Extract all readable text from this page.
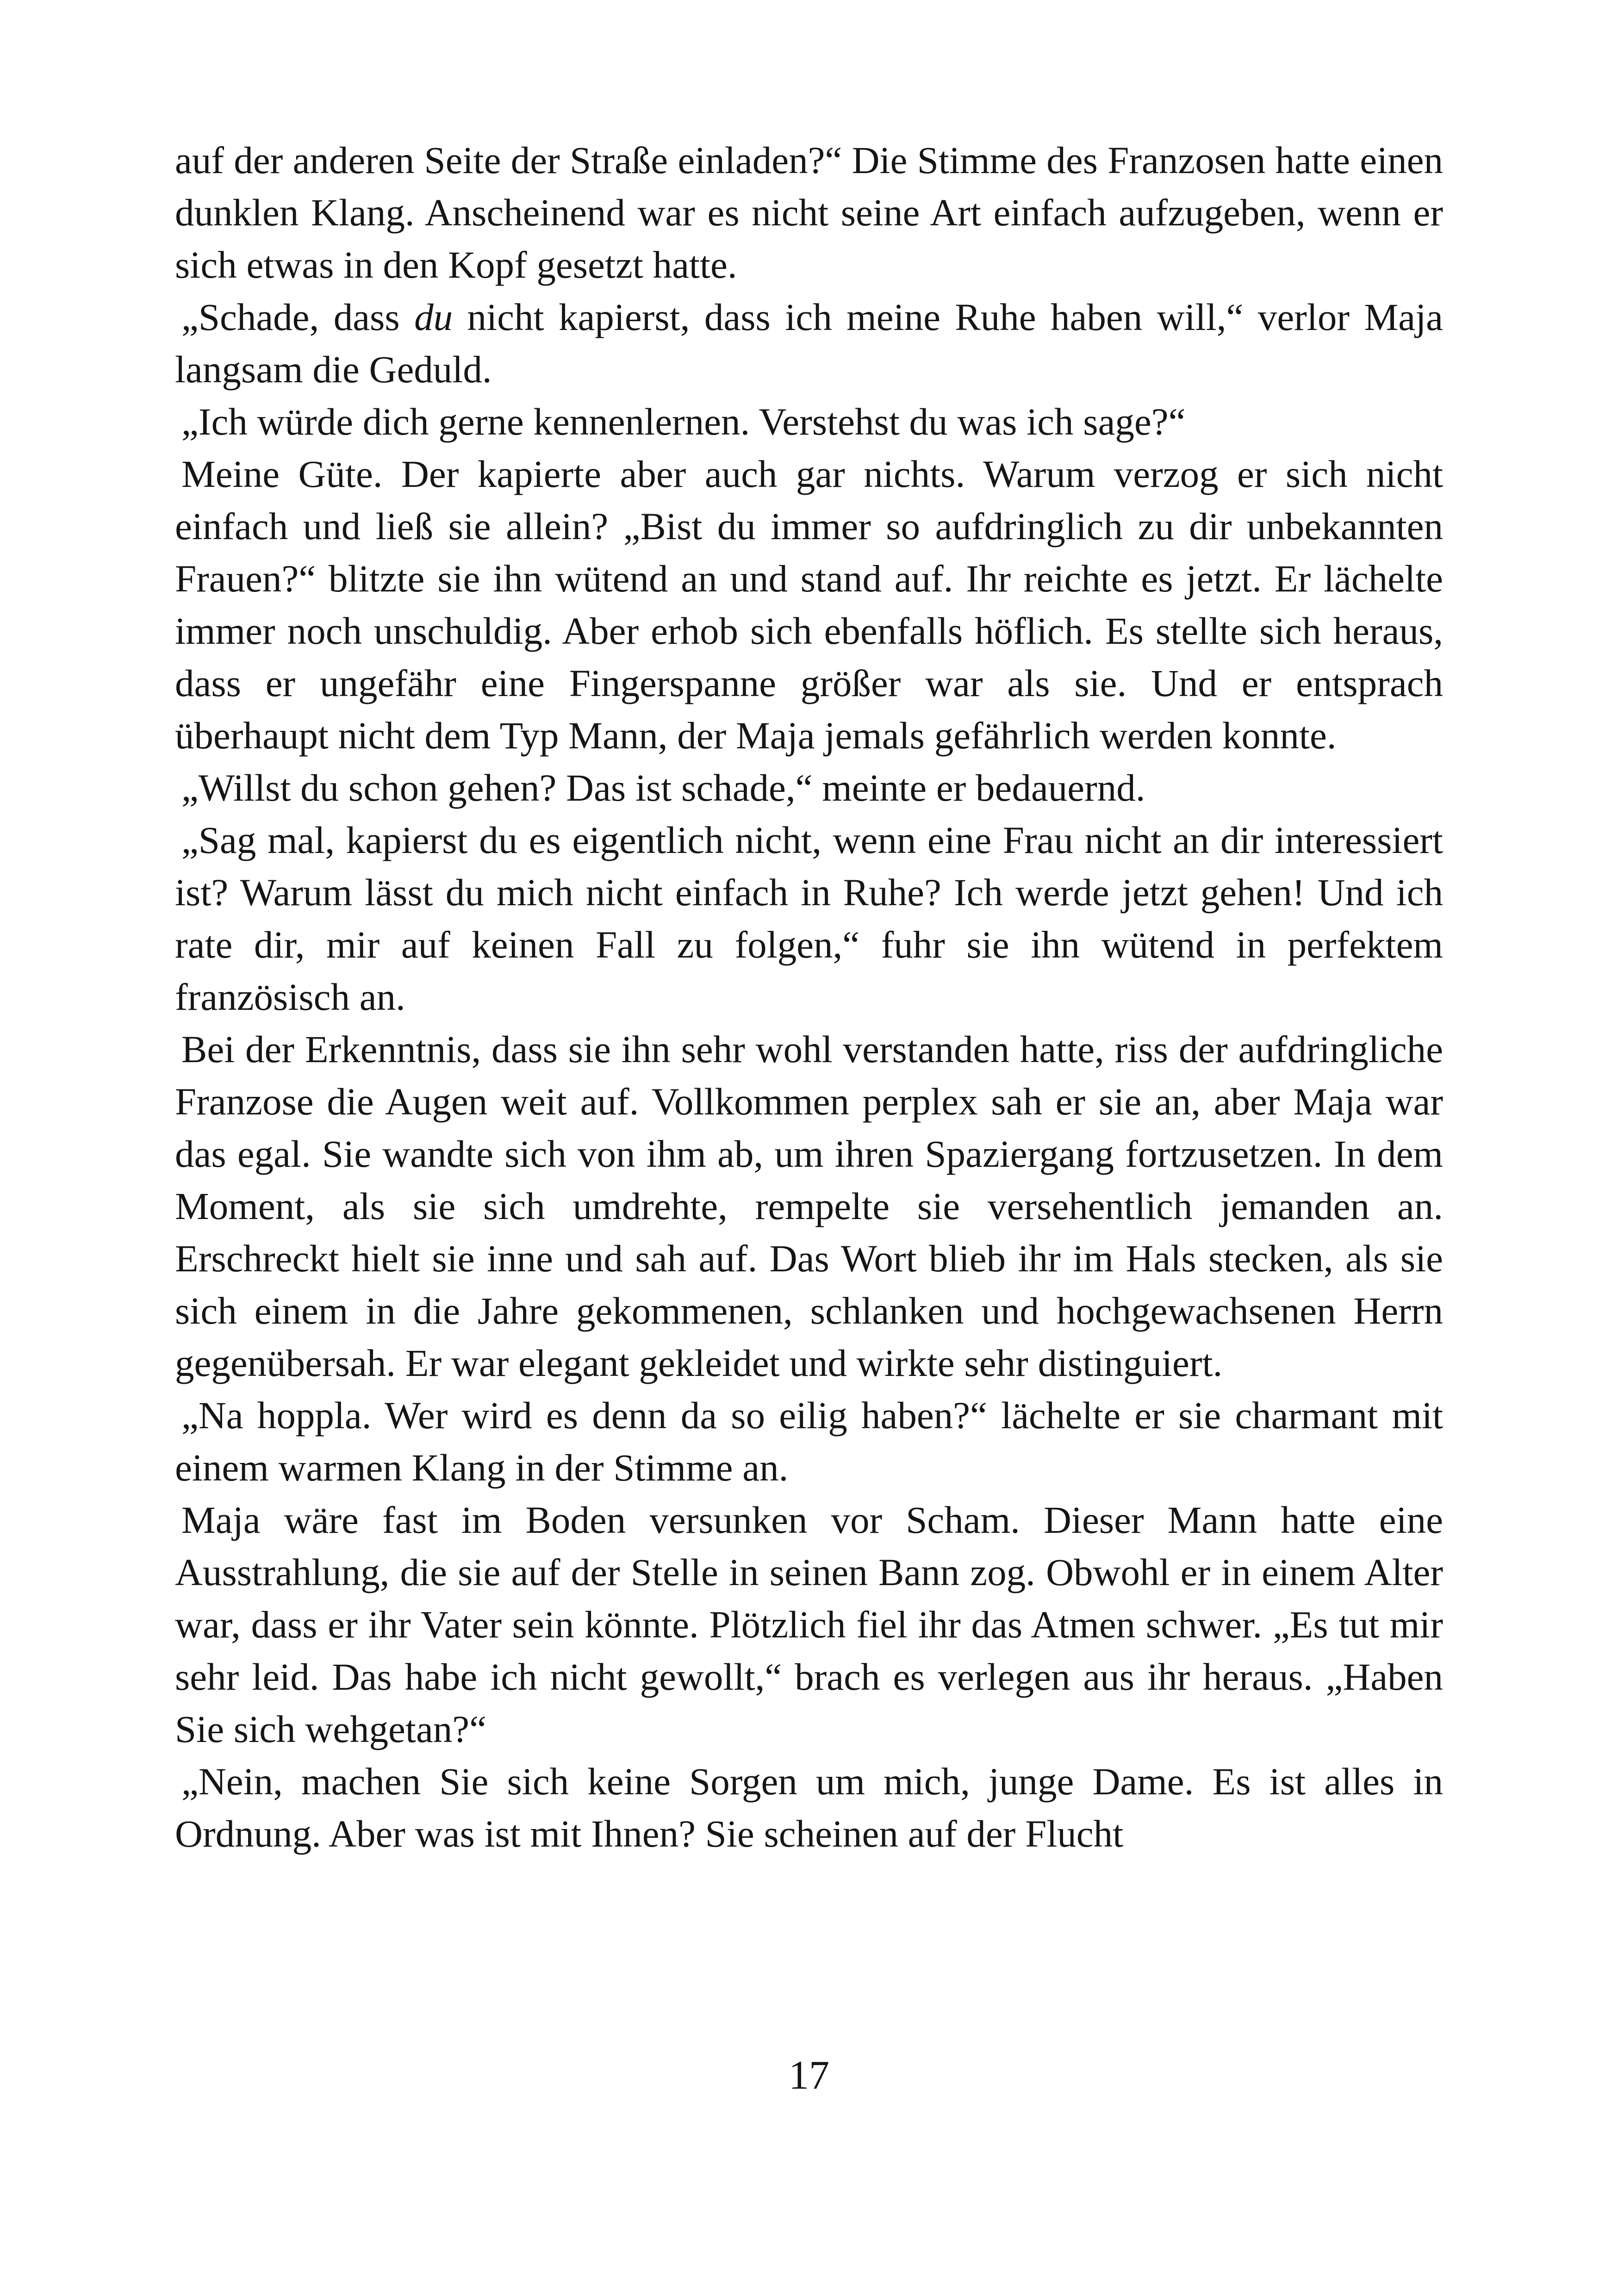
auf der anderen Seite der Straße einladen?“ Die Stimme des Franzosen hatte einen dunklen Klang. Anscheinend war es nicht seine Art einfach aufzugeben, wenn er sich etwas in den Kopf gesetzt hatte.

„Schade, dass du nicht kapierst, dass ich meine Ruhe haben will,“ verlor Maja langsam die Geduld.

„Ich würde dich gerne kennenlernen. Verstehst du was ich sage?“

Meine Güte. Der kapierte aber auch gar nichts. Warum verzog er sich nicht einfach und ließ sie allein? „Bist du immer so aufdringlich zu dir unbekannten Frauen?“ blitzte sie ihn wütend an und stand auf. Ihr reichte es jetzt. Er lächelte immer noch unschuldig. Aber erhob sich ebenfalls höflich. Es stellte sich heraus, dass er ungefähr eine Fingerspanne größer war als sie. Und er entsprach überhaupt nicht dem Typ Mann, der Maja jemals gefährlich werden konnte.

„Willst du schon gehen? Das ist schade,“ meinte er bedauernd.

„Sag mal, kapierst du es eigentlich nicht, wenn eine Frau nicht an dir interessiert ist? Warum lässt du mich nicht einfach in Ruhe? Ich werde jetzt gehen! Und ich rate dir, mir auf keinen Fall zu folgen,“ fuhr sie ihn wütend in perfektem französisch an.

Bei der Erkenntnis, dass sie ihn sehr wohl verstanden hatte, riss der aufdringliche Franzose die Augen weit auf. Vollkommen perplex sah er sie an, aber Maja war das egal. Sie wandte sich von ihm ab, um ihren Spaziergang fortzusetzen. In dem Moment, als sie sich umdrehte, rempelte sie versehentlich jemanden an. Erschreckt hielt sie inne und sah auf. Das Wort blieb ihr im Hals stecken, als sie sich einem in die Jahre gekommenen, schlanken und hochgewachsenen Herrn gegenübersah. Er war elegant gekleidet und wirkte sehr distinguiert.

„Na hoppla. Wer wird es denn da so eilig haben?“ lächelte er sie charmant mit einem warmen Klang in der Stimme an.

Maja wäre fast im Boden versunken vor Scham. Dieser Mann hatte eine Ausstrahlung, die sie auf der Stelle in seinen Bann zog. Obwohl er in einem Alter war, dass er ihr Vater sein könnte. Plötzlich fiel ihr das Atmen schwer. „Es tut mir sehr leid. Das habe ich nicht gewollt,“ brach es verlegen aus ihr heraus. „Haben Sie sich wehgetan?“

„Nein, machen Sie sich keine Sorgen um mich, junge Dame. Es ist alles in Ordnung. Aber was ist mit Ihnen? Sie scheinen auf der Flucht

17
